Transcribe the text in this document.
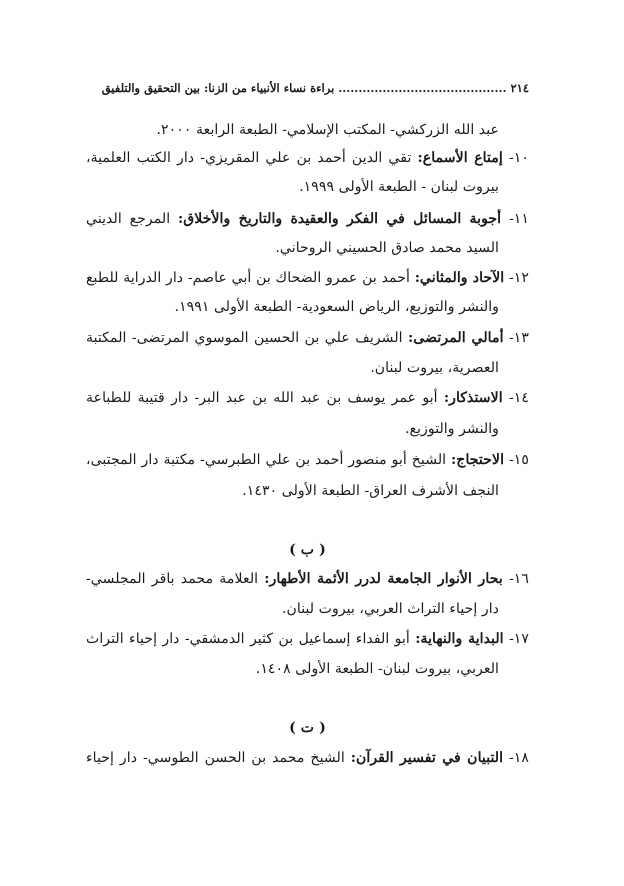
٢١٤ .......................................... براءة نساء الأنبياء من الزنا: بين التحقيق والتلفيق
عبد الله الزركشي- المكتب الإسلامي- الطبعة الرابعة ٢٠٠٠.
١٠- إمتاع الأسماع: تقي الدين أحمد بن علي المقريزي- دار الكتب العلمية،
بيروت لبنان - الطبعة الأولى ١٩٩٩.
١١- أجوبة المسائل في الفكر والعقيدة والتاريخ والأخلاق: المرجع الديني
السيد محمد صادق الحسيني الروحاني.
١٢- الآحاد والمثاني: أحمد بن عمرو الضحاك بن أبي عاصم- دار الدراية للطبع
والنشر والتوزيع، الرياض السعودية- الطبعة الأولى ١٩٩١.
١٣- أمالي المرتضى: الشريف علي بن الحسين الموسوي المرتضى- المكتبة
العصرية، بيروت لبنان.
١٤- الاستذكار: أبو عمر يوسف بن عبد الله بن عبد البر- دار قتيبة للطباعة
والنشر والتوزيع.
١٥- الاحتجاج: الشيخ أبو منصور أحمد بن علي الطبرسي- مكتبة دار المجتبى،
النجف الأشرف العراق- الطبعة الأولى ١٤٣٠.
( ب )
١٦- بحار الأنوار الجامعة لدرر الأئمة الأطهار: العلامة محمد باقر المجلسي-
دار إحياء التراث العربي، بيروت لبنان.
١٧- البداية والنهاية: أبو الفداء إسماعيل بن كثير الدمشقي- دار إحياء التراث
العربي، بيروت لبنان- الطبعة الأولى ١٤٠٨.
( ت )
١٨- التبيان في تفسير القرآن: الشيخ محمد بن الحسن الطوسي- دار إحياء
